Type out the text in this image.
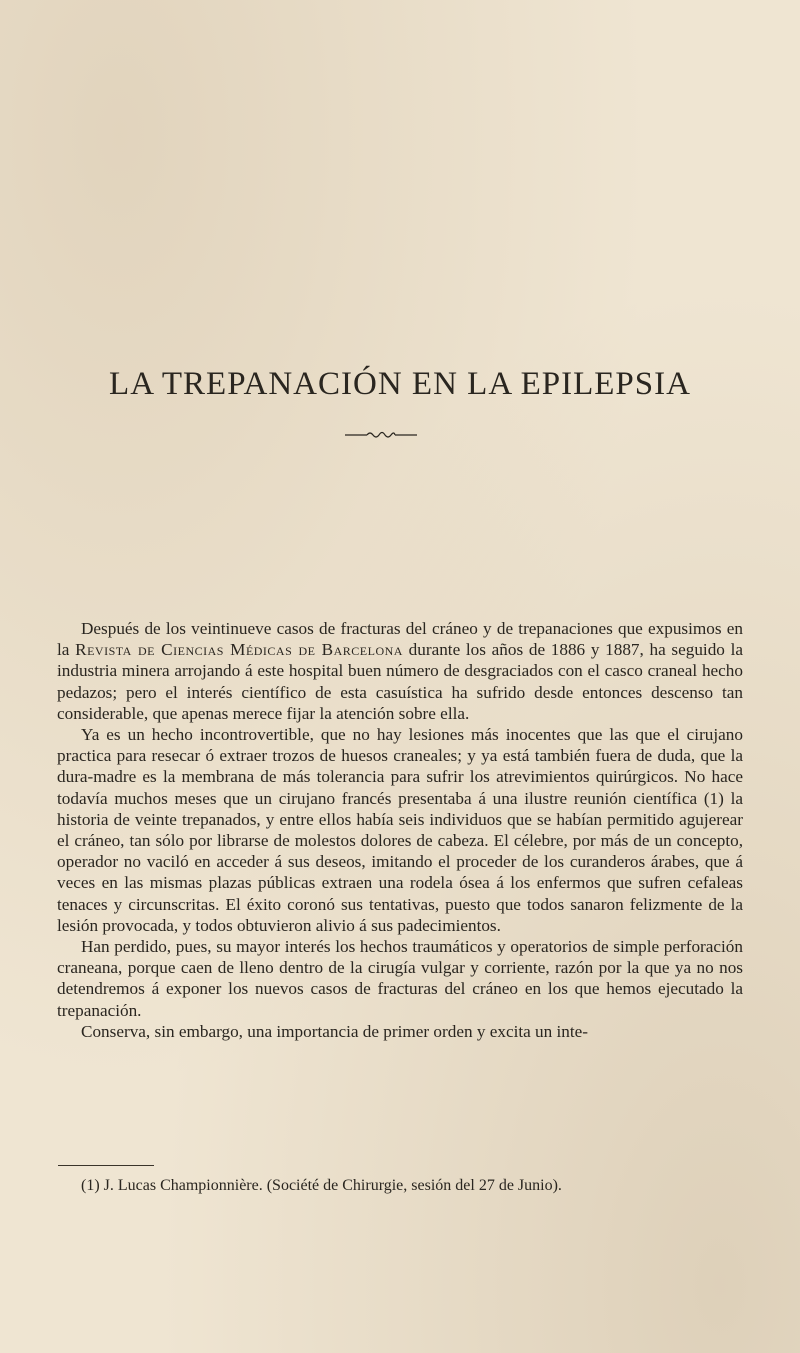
LA TREPANACIÓN EN LA EPILEPSIA

Después de los veintinueve casos de fracturas del cráneo y de trepanaciones que expusimos en la Revista de Ciencias Médicas de Barcelona durante los años de 1886 y 1887, ha seguido la industria minera arrojando á este hospital buen número de desgraciados con el casco craneal hecho pedazos; pero el interés científico de esta casuística ha sufrido desde entonces descenso tan considerable, que apenas merece fijar la atención sobre ella.

Ya es un hecho incontrovertible, que no hay lesiones más inocentes que las que el cirujano practica para resecar ó extraer trozos de huesos craneales; y ya está también fuera de duda, que la dura-madre es la membrana de más tolerancia para sufrir los atrevimientos quirúrgicos. No hace todavía muchos meses que un cirujano francés presentaba á una ilustre reunión científica (1) la historia de veinte trepanados, y entre ellos había seis individuos que se habían permitido agujerear el cráneo, tan sólo por librarse de molestos dolores de cabeza. El célebre, por más de un concepto, operador no vaciló en acceder á sus deseos, imitando el proceder de los curanderos árabes, que á veces en las mismas plazas públicas extraen una rodela ósea á los enfermos que sufren cefaleas tenaces y circunscritas. El éxito coronó sus tentativas, puesto que todos sanaron felizmente de la lesión provocada, y todos obtuvieron alivio á sus padecimientos.

Han perdido, pues, su mayor interés los hechos traumáticos y operatorios de simple perforación craneana, porque caen de lleno dentro de la cirugía vulgar y corriente, razón por la que ya no nos detendremos á exponer los nuevos casos de fracturas del cráneo en los que hemos ejecutado la trepanación.

Conserva, sin embargo, una importancia de primer orden y excita un inte-

(1) J. Lucas Championnière. (Société de Chirurgie, sesión del 27 de Junio).
